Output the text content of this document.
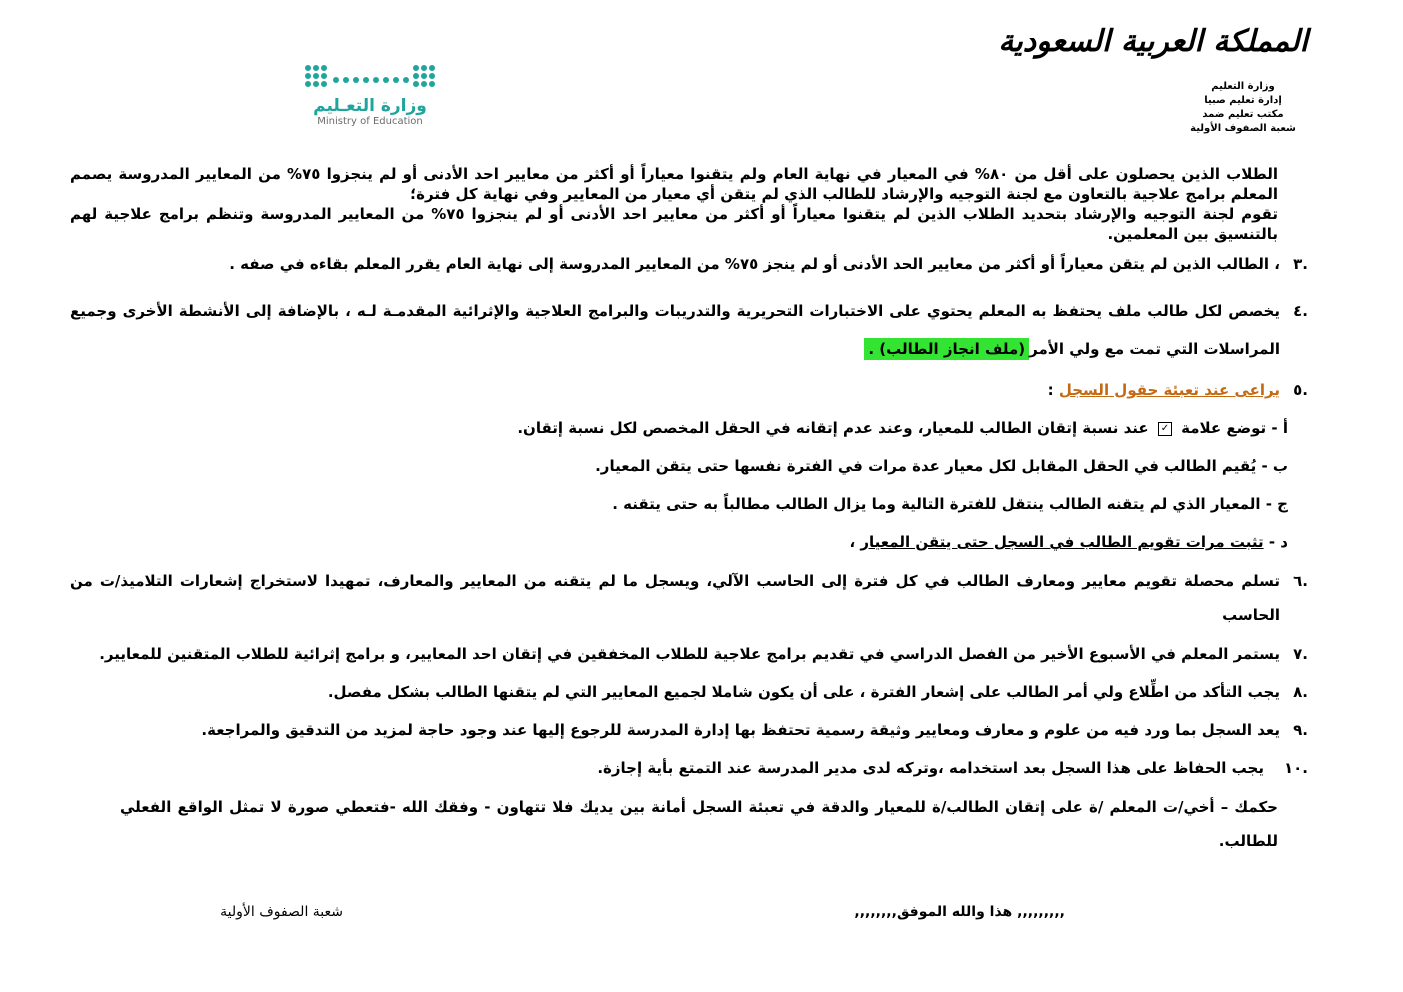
المملكة العربية السعودية
وزارة التعليم
إدارة تعليم صبيا
مكتب تعليم ضمد
شعبة الصفوف الأولية
وزارة التعـليم
Ministry of Education

الطلاب الذين يحصلون على أقل من ٨٠% في المعيار في نهاية العام ولم يتقنوا معياراً أو أكثر من معايير احد الأدنى أو لم ينجزوا ٧٥% من المعايير المدروسة يصمم المعلم برامج علاجية بالتعاون مع لجنة التوجيه والإرشاد للطالب الذي لم يتقن أي معيار من المعايير وفي نهاية كل فترة؛

تقوم لجنة التوجيه والإرشاد بتحديد الطلاب الذين لم يتقنوا معياراً أو أكثر من معايير احد الأدنى أو لم ينجزوا ٧٥% من المعايير المدروسة وتنظم برامج علاجية لهم بالتنسيق بين المعلمين.

٣.
، الطالب الذين لم يتقن معياراً أو أكثر من معايير الحد الأدنى أو لم ينجز ٧٥% من المعايير المدروسة إلى نهاية العام يقرر المعلم بقاءه في صفه .
٤.
يخصص لكل طالب ملف يحتفظ به المعلم يحتوي على الاختبارات التحريرية والتدريبات والبرامج العلاجية والإثرائية المقدمـة لـه ، بالإضافة إلى الأنشطة الأخرى وجميع المراسلات التي تمت مع ولي الأمر(ملف انجاز الطالب) .
٥.
يراعى عند تعبئة حقول السجل :
أ - توضع علامة ✓ عند نسبة إتقان الطالب للمعيار، وعند عدم إتقانه في الحقل المخصص لكل نسبة إتقان.
ب - يُقيم الطالب في الحقل المقابل لكل معيار عدة مرات في الفترة نفسها حتى يتقن المعيار.
ج - المعيار الذي لم يتقنه الطالب ينتقل للفترة التالية وما يزال الطالب مطالباً به حتى يتقنه .
د - تثبت مرات تقويم الطالب في السجل حتى يتقن المعيار ،
٦.
تسلم محصلة تقويم معايير ومعارف الطالب في كل فترة إلى الحاسب الآلي، ويسجل ما لم يتقنه من المعايير والمعارف، تمهيدا لاستخراج إشعارات التلاميذ/ت من الحاسب
٧.
يستمر المعلم في الأسبوع الأخير من الفصل الدراسي في تقديم برامج علاجية للطلاب المخفقين في إتقان احد المعايير، و برامج إثرائية للطلاب المتقنين للمعايير.
٨.
يجب التأكد من اطِّلاع ولي أمر الطالب على إشعار الفترة ، على أن يكون شاملا لجميع المعايير التي لم يتقنها الطالب بشكل مفصل.
٩.
يعد السجل بما ورد فيه من علوم و معارف ومعايير وثيقة رسمية تحتفظ بها إدارة المدرسة للرجوع إليها عند وجود حاجة لمزيد من التدقيق والمراجعة.
١٠.
يجب الحفاظ على هذا السجل بعد استخدامه ،وتركه لدى مدير المدرسة عند التمتع بأية إجازة.

حكمك – أخي/ت المعلم /ة على إتقان الطالب/ة للمعيار والدقة في تعبئة السجل أمانة بين يديك فلا تتهاون - وفقك الله -فتعطي صورة لا تمثل الواقع الفعلي للطالب.

,,,,,,,,, هذا والله الموفق,,,,,,,,
شعبة الصفوف الأولية
